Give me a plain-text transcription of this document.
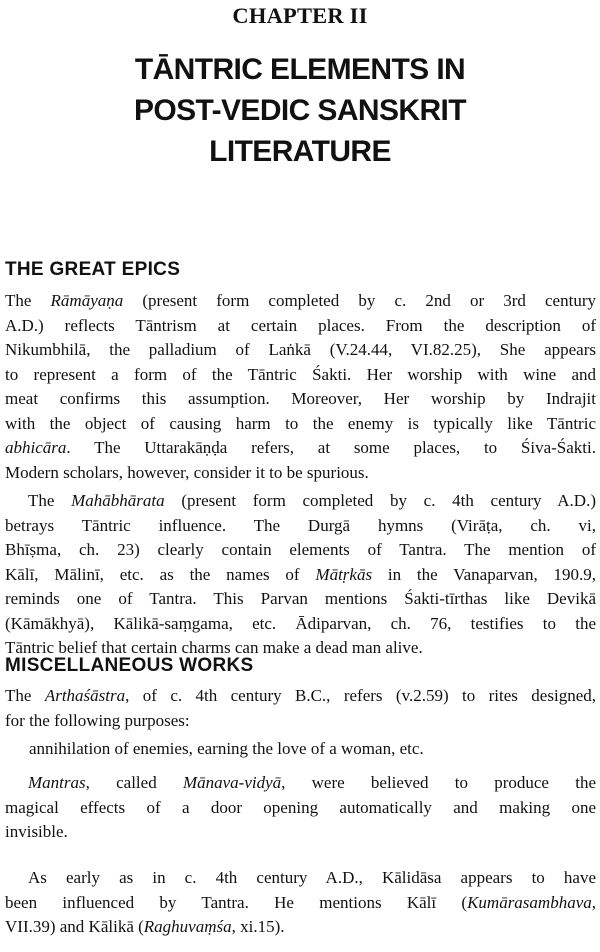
CHAPTER II
TĀNTRIC ELEMENTS IN
POST-VEDIC SANSKRIT
LITERATURE
THE GREAT EPICS
The Rāmāyaṇa (present form completed by c. 2nd or 3rd century
A.D.) reflects Tāntrism at certain places. From the description of
Nikumbhilā, the palladium of Laṅkā (V.24.44, VI.82.25), She appears
to represent a form of the Tāntric Śakti. Her worship with wine and
meat confirms this assumption. Moreover, Her worship by Indrajit
with the object of causing harm to the enemy is typically like Tāntric
abhicāra. The Uttarakāṇḍa refers, at some places, to Śiva-Śakti.
Modern scholars, however, consider it to be spurious.
The Mahābhārata (present form completed by c. 4th century A.D.)
betrays Tāntric influence. The Durgā hymns (Virāṭa, ch. vi,
Bhīṣma, ch. 23) clearly contain elements of Tantra. The mention of
Kālī, Mālinī, etc. as the names of Mātṛkās in the Vanaparvan, 190.9,
reminds one of Tantra. This Parvan mentions Śakti-tīrthas like Devikā
(Kāmākhyā), Kālikā-saṃgama, etc. Ādiparvan, ch. 76, testifies to the
Tāntric belief that certain charms can make a dead man alive.
MISCELLANEOUS WORKS
The Arthaśāstra, of c. 4th century B.C., refers (v.2.59) to rites designed,
for the following purposes:
annihilation of enemies, earning the love of a woman, etc.
Mantras, called Mānava-vidyā, were believed to produce the
magical effects of a door opening automatically and making one
invisible.
As early as in c. 4th century A.D., Kālidāsa appears to have
been influenced by Tantra. He mentions Kālī (Kumārasambhava,
VII.39) and Kālikā (Raghuvaṃśa, xi.15).
